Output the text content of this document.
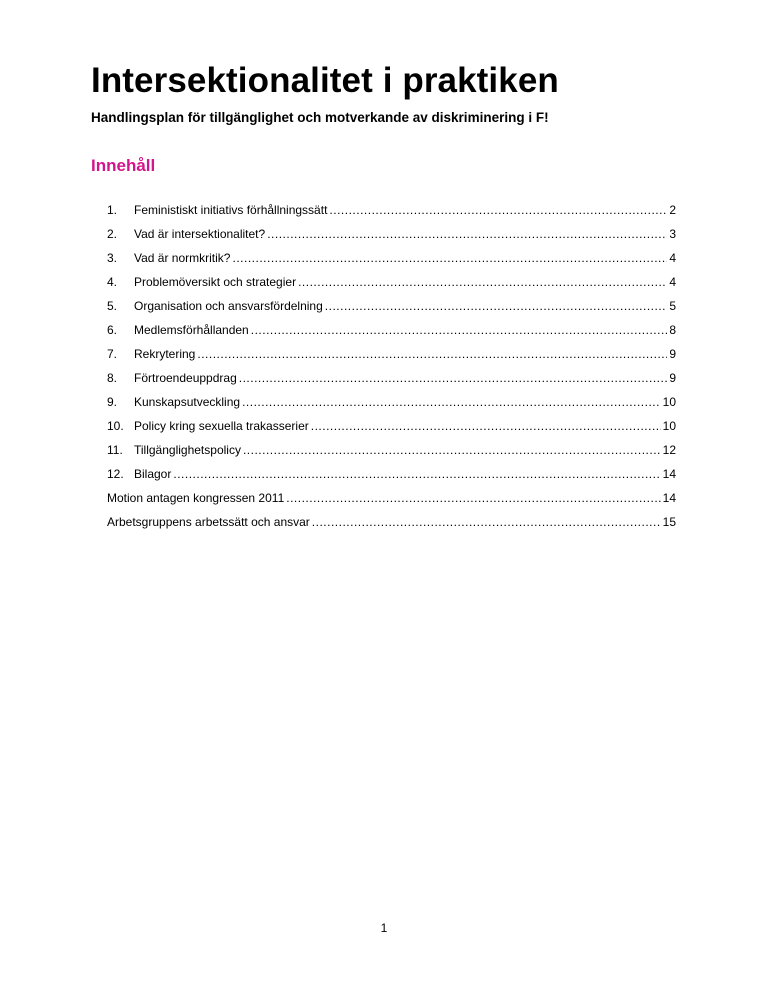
Intersektionalitet i praktiken
Handlingsplan för tillgänglighet och motverkande av diskriminering i F!
Innehåll
1. Feministiskt initiativs förhållningssätt .....	2
2. Vad är intersektionalitet? .....	3
3. Vad är normkritik? .....	4
4. Problemöversikt och strategier .....	4
5. Organisation och ansvarsfördelning .....	5
6. Medlemsförhållanden .....	8
7. Rekrytering .....	9
8. Förtroendeuppdrag .....	9
9. Kunskapsutveckling .....	10
10. Policy kring sexuella trakasserier .....	10
11. Tillgänglighetspolicy .....	12
12. Bilagor .....	14
Motion antagen kongressen 2011 .....	14
Arbetsgruppens arbetssätt och ansvar .....	15
1
